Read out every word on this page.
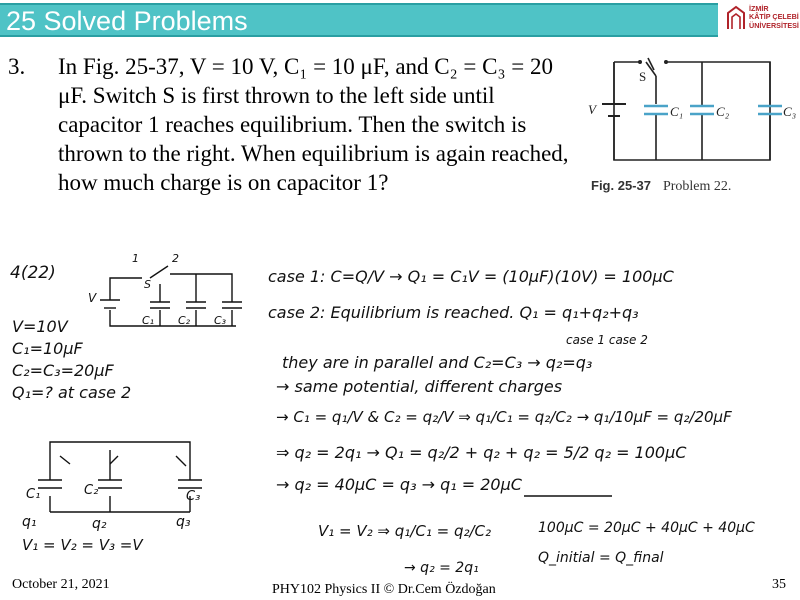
25 Solved Problems	İZMİR
KÂTİP ÇELEBİ
ÜNİVERSİTESİ
3. In Fig. 25-37, V = 10 V, C₁ = 10 μF, and C₂ = C₃ = 20 μF. Switch S is first thrown to the left side until capacitor 1 reaches equilibrium. Then the switch is thrown to the right. When equilibrium is again reached, how much charge is on capacitor 1?
S
V	C₁	C₂	C₃
Fig. 25-37 Problem 22.
4(22)
1	2
S
V
C₁ C₂ C₃
V=10V
C₁=10μF
C₂=C₃=20μF
Q₁=? at case 2
C₁	C₂	C₃
q₁	q₂	q₃
V₁ = V₂ = V₃ =V
case 1: C=Q/V → Q₁ = C₁V = (10μF)(10V) = 100μC
case 2: Equilibrium is reached. Q₁ = q₁+q₂+q₃
case 1 case 2
they are in parallel and C₂=C₃ → q₂=q₃
→ same potential, different charges
→ C₁ = q₁/V & C₂ = q₂/V ⇒ q₁/C₁ = q₂/C₂ → q₁/10μF = q₂/20μF
⇒ q₂ = 2q₁ → Q₁ = q₂/2 + q₂ + q₂ = 5/2 q₂ = 100μC
→ q₂ = 40μC = q₃ → q₁ = 20μC
V₁ = V₂ ⇒ q₁/C₁ = q₂/C₂
→ q₂ = 2q₁
100μC = 20μC + 40μC + 40μC
Q_initial = Q_final
October 21, 2021	PHY102 Physics II © Dr.Cem Özdoğan	35
